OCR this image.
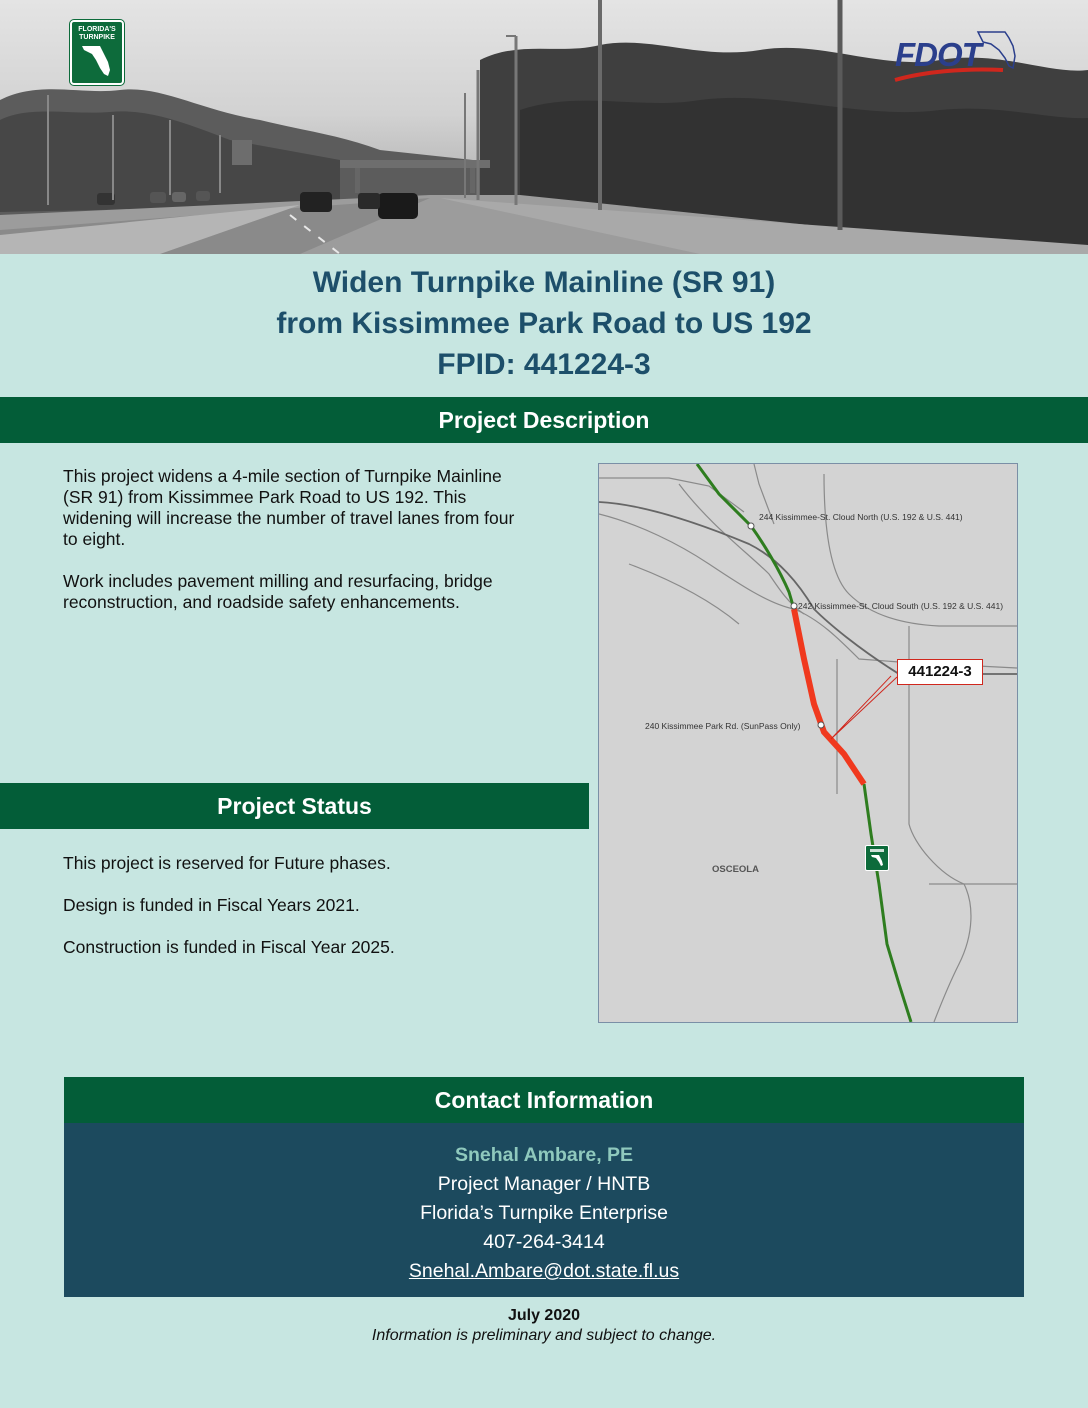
FLORIDA'S TURNPIKE	FDOT
Widen Turnpike Mainline (SR 91)
from Kissimmee Park Road to US 192
FPID: 441224-3
Project Description

This project widens a 4-mile section of Turnpike Mainline (SR 91) from Kissimmee Park Road to US 192. This widening will increase the number of travel lanes from four to eight.

Work includes pavement milling and resurfacing, bridge reconstruction, and roadside safety enhancements.

244 Kissimmee-St. Cloud North (U.S. 192 & U.S. 441)
242 Kissimmee-St. Cloud South (U.S. 192 & U.S. 441)
240 Kissimmee Park Rd. (SunPass Only)
441224-3
OSCEOLA
Project Status

This project is reserved for Future phases.

Design is funded in Fiscal Years 2021.

Construction is funded in Fiscal Year 2025.

Contact Information
Snehal Ambare, PE
Project Manager / HNTB
Florida’s Turnpike Enterprise
407-264-3414
Snehal.Ambare@dot.state.fl.us
July 2020
Information is preliminary and subject to change.
